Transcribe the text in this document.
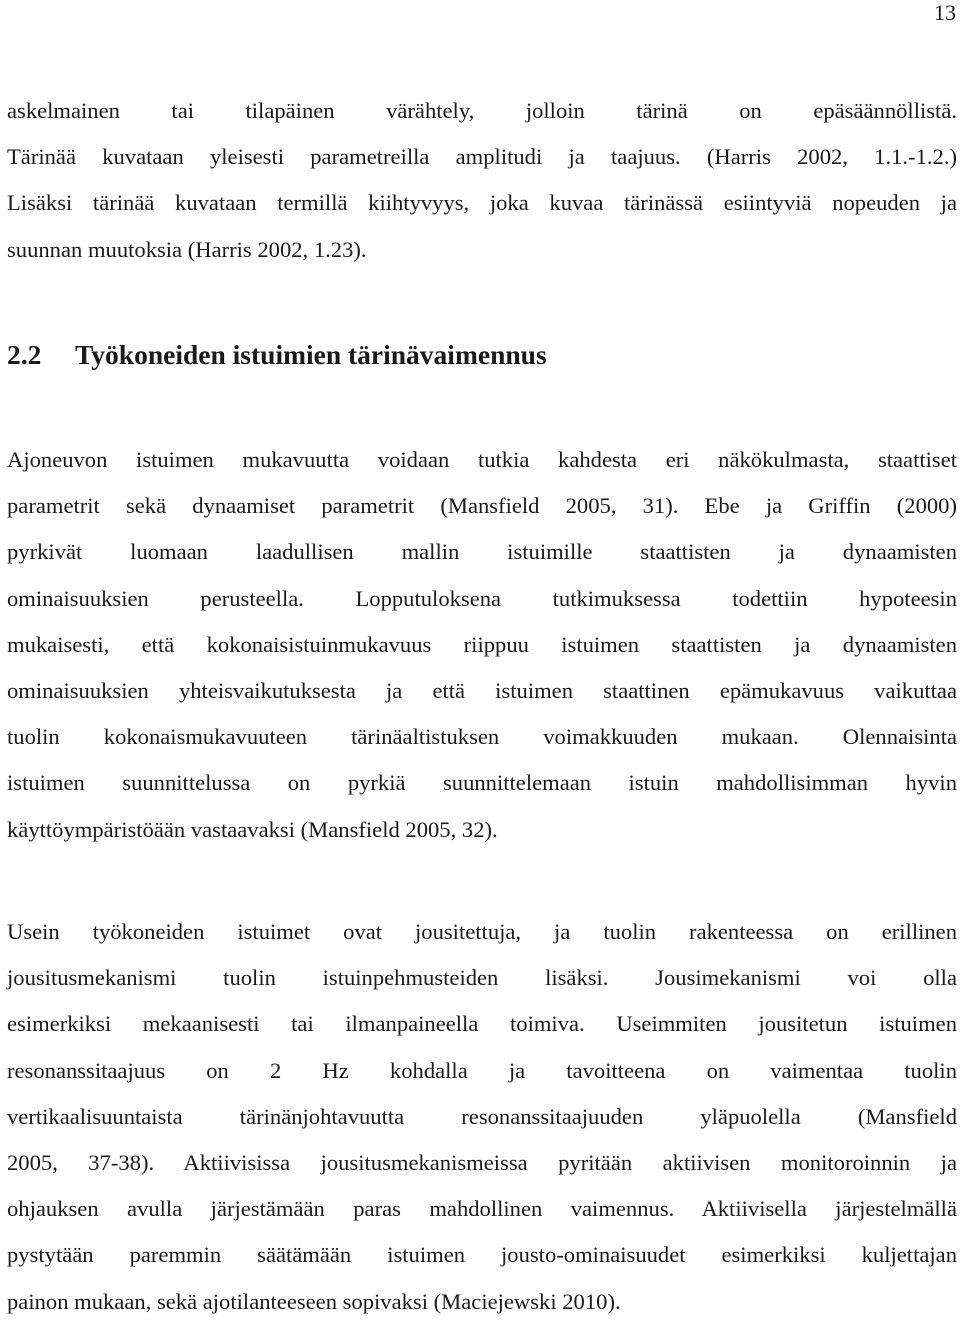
13
askelmainen tai tilapäinen värähtely, jolloin tärinä on epäsäännöllistä.
Tärinää kuvataan yleisesti parametreilla amplitudi ja taajuus. (Harris 2002, 1.1.-1.2.)
Lisäksi tärinää kuvataan termillä kiihtyvyys, joka kuvaa tärinässä esiintyviä nopeuden ja
suunnan muutoksia (Harris 2002, 1.23).
2.2 Työkoneiden istuimien tärinävaimennus
Ajoneuvon istuimen mukavuutta voidaan tutkia kahdesta eri näkökulmasta, staattiset
parametrit sekä dynaamiset parametrit (Mansfield 2005, 31). Ebe ja Griffin (2000)
pyrkivät luomaan laadullisen mallin istuimille staattisten ja dynaamisten
ominaisuuksien perusteella. Lopputuloksena tutkimuksessa todettiin hypoteesin
mukaisesti, että kokonaisistuinmukavuus riippuu istuimen staattisten ja dynaamisten
ominaisuuksien yhteisvaikutuksesta ja että istuimen staattinen epämukavuus vaikuttaa
tuolin kokonaismukavuuteen tärinäaltistuksen voimakkuuden mukaan. Olennaisinta
istuimen suunnittelussa on pyrkiä suunnittelemaan istuin mahdollisimman hyvin
käyttöympäristöään vastaavaksi (Mansfield 2005, 32).
Usein työkoneiden istuimet ovat jousitettuja, ja tuolin rakenteessa on erillinen
jousitusmekanismi tuolin istuinpehmusteiden lisäksi. Jousimekanismi voi olla
esimerkiksi mekaanisesti tai ilmanpaineella toimiva. Useimmiten jousitetun istuimen
resonanssitaajuus on 2 Hz kohdalla ja tavoitteena on vaimentaa tuolin
vertikaalisuuntaista tärinänjohtavuutta resonanssitaajuuden yläpuolella (Mansfield
2005, 37-38). Aktiivisissa jousitusmekanismeissa pyritään aktiivisen monitoroinnin ja
ohjauksen avulla järjestämään paras mahdollinen vaimennus. Aktiivisella järjestelmällä
pystytään paremmin säätämään istuimen jousto-ominaisuudet esimerkiksi kuljettajan
painon mukaan, sekä ajotilanteeseen sopivaksi (Maciejewski 2010).
